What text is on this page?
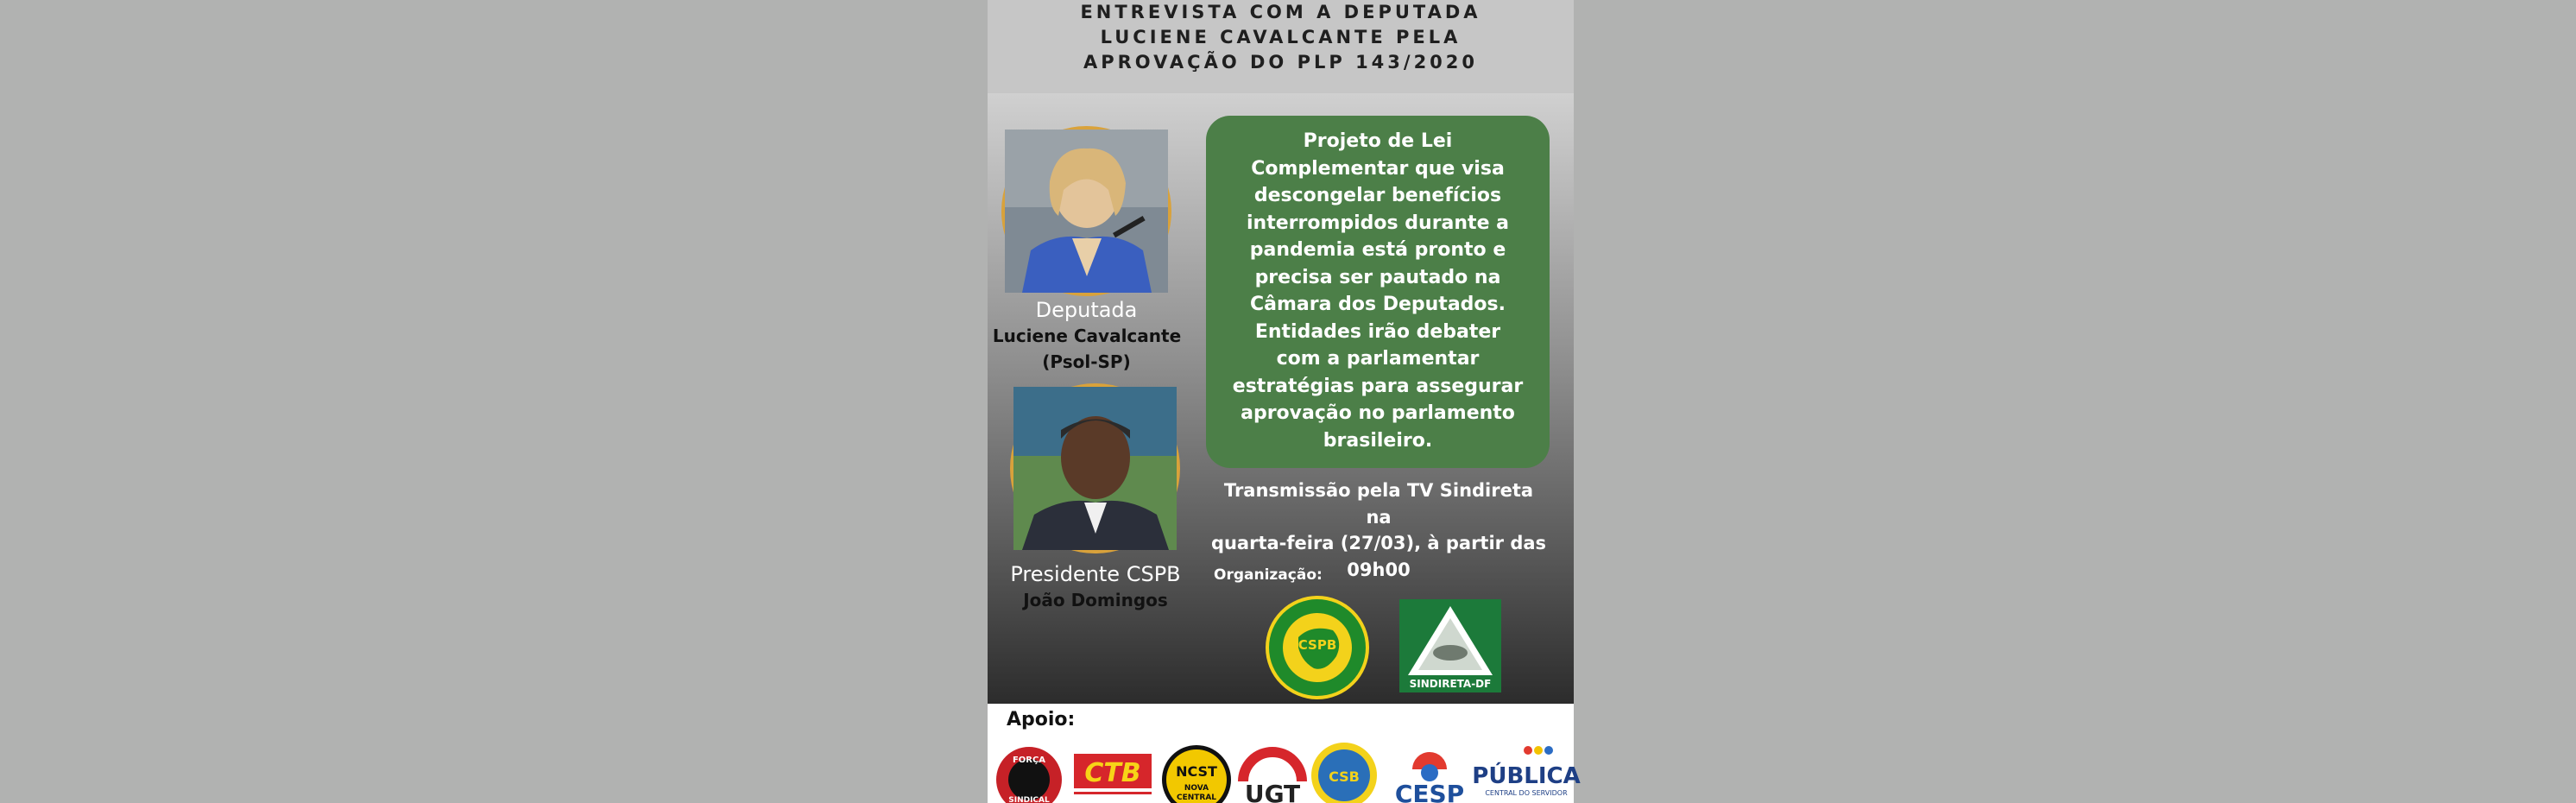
ENTREVISTA COM A DEPUTADA
LUCIENE CAVALCANTE PELA
APROVAÇÃO DO PLP 143/2020
Deputada
Luciene Cavalcante
(Psol-SP)
Presidente CSPB
João Domingos
Projeto de Lei
Complementar que visa
descongelar benefícios
interrompidos durante a
pandemia está pronto e
precisa ser pautado na
Câmara dos Deputados.
Entidades irão debater
com a parlamentar
estratégias para assegurar
aprovação no parlamento
brasileiro.
Transmissão pela TV Sindireta na
quarta-feira (27/03), à partir das
09h00
Organização:
CSPB
SINDIRETA-DF
Apoio:
FORÇA
SINDICAL
CTB	NCST
NOVA
CENTRAL UGT
CSB
CESP
PÚBLICA
CENTRAL DO SERVIDOR
